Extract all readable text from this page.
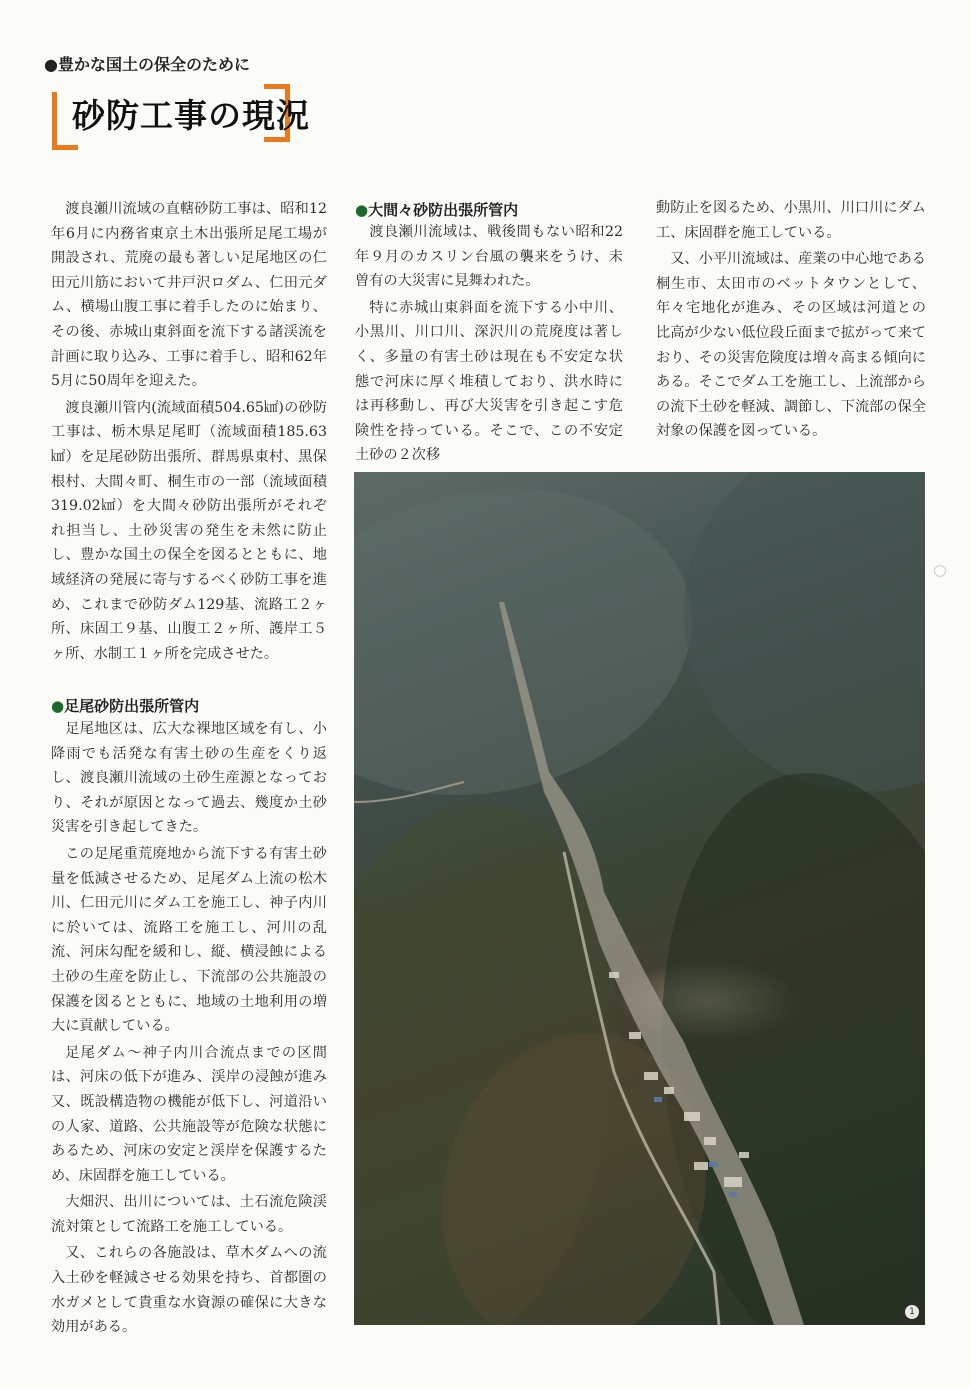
●豊かな国土の保全のために
砂防工事の現況

渡良瀬川流域の直轄砂防工事は、昭和12年6月に内務省東京土木出張所足尾工場が開設され、荒廃の最も著しい足尾地区の仁田元川筋において井戸沢ロダム、仁田元ダム、横場山腹工事に着手したのに始まり、その後、赤城山東斜面を流下する諸渓流を計画に取り込み、工事に着手し、昭和62年5月に50周年を迎えた。

渡良瀬川管内(流域面積504.65㎢)の砂防工事は、栃木県足尾町（流域面積185.63㎢）を足尾砂防出張所、群馬県東村、黒保根村、大間々町、桐生市の一部（流域面積319.02㎢）を大間々砂防出張所がそれぞれ担当し、土砂災害の発生を未然に防止し、豊かな国土の保全を図るとともに、地域経済の発展に寄与するべく砂防工事を進め、これまで砂防ダム129基、流路工２ヶ所、床固工９基、山腹工２ヶ所、護岸工５ヶ所、水制工１ヶ所を完成させた。

●足尾砂防出張所管内

足尾地区は、広大な裸地区域を有し、小降雨でも活発な有害土砂の生産をくり返し、渡良瀬川流域の土砂生産源となっており、それが原因となって過去、幾度か土砂災害を引き起してきた。

この足尾重荒廃地から流下する有害土砂量を低減させるため、足尾ダム上流の松木川、仁田元川にダム工を施工し、神子内川に於いては、流路工を施工し、河川の乱流、河床勾配を緩和し、縦、横浸蝕による土砂の生産を防止し、下流部の公共施設の保護を図るとともに、地域の土地利用の増大に貢献している。

足尾ダム～神子内川合流点までの区間は、河床の低下が進み、渓岸の浸蝕が進み又、既設構造物の機能が低下し、河道沿いの人家、道路、公共施設等が危険な状態にあるため、河床の安定と渓岸を保護するため、床固群を施工している。

大畑沢、出川については、土石流危険渓流対策として流路工を施工している。

又、これらの各施設は、草木ダムへの流入土砂を軽減させる効果を持ち、首都圏の水ガメとして貴重な水資源の確保に大きな効用がある。

●大間々砂防出張所管内

渡良瀬川流域は、戦後間もない昭和22年９月のカスリン台風の襲来をうけ、未曽有の大災害に見舞われた。

特に赤城山東斜面を流下する小中川、小黒川、川口川、深沢川の荒廃度は著しく、多量の有害土砂は現在も不安定な状態で河床に厚く堆積しており、洪水時には再移動し、再び大災害を引き起こす危険性を持っている。そこで、この不安定土砂の２次移

動防止を図るため、小黒川、川口川にダム工、床固群を施工している。

又、小平川流域は、産業の中心地である桐生市、太田市のベットタウンとして、年々宅地化が進み、その区域は河道との比高が少ない低位段丘面まで拡がって来ており、その災害危険度は増々高まる傾向にある。そこでダム工を施工し、上流部からの流下土砂を軽減、調節し、下流部の保全対象の保護を図っている。

1
